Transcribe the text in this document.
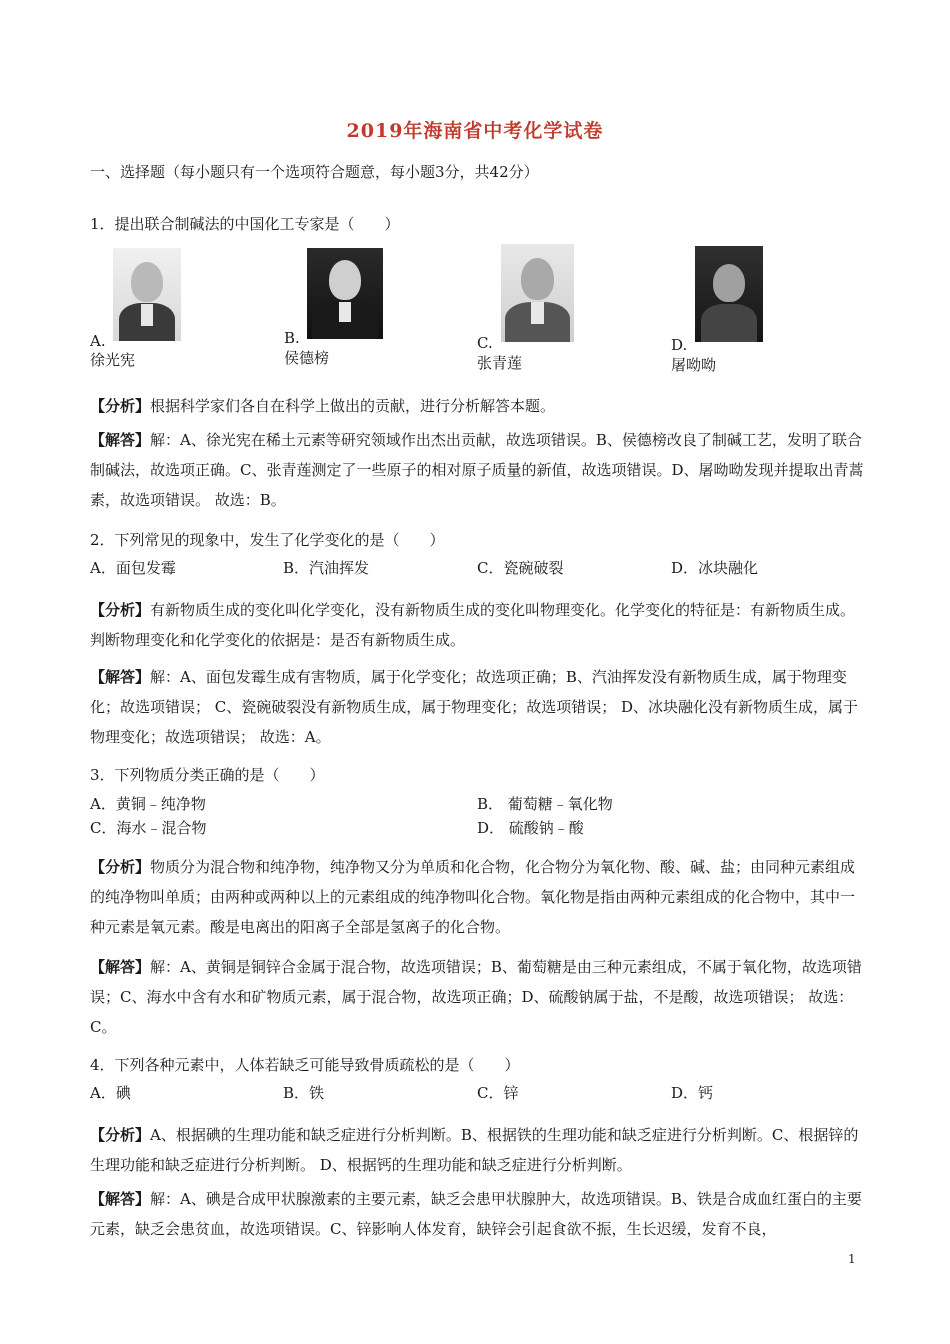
2019年海南省中考化学试卷
一、选择题（每小题只有一个选项符合题意，每小题3分，共42分）
1．提出联合制碱法的中国化工专家是（　　）
A.
徐光宪
B.
侯德榜
C.
张青莲
D.
屠呦呦
【分析】根据科学家们各自在科学上做出的贡献，进行分析解答本题。
【解答】解：A、徐光宪在稀土元素等研究领域作出杰出贡献，故选项错误。B、侯德榜改良了制碱工艺，发明了联合制碱法，故选项正确。C、张青莲测定了一些原子的相对原子质量的新值，故选项错误。D、屠呦呦发现并提取出青蒿素，故选项错误。 故选：B。
2．下列常见的现象中，发生了化学变化的是（　　）
A．面包发霉	B．汽油挥发	C．瓷碗破裂	D．冰块融化
【分析】有新物质生成的变化叫化学变化，没有新物质生成的变化叫物理变化。化学变化的特征是：有新物质生成。判断物理变化和化学变化的依据是：是否有新物质生成。
【解答】解：A、面包发霉生成有害物质，属于化学变化；故选项正确；B、汽油挥发没有新物质生成，属于物理变化；故选项错误； C、瓷碗破裂没有新物质生成，属于物理变化；故选项错误； D、冰块融化没有新物质生成，属于物理变化；故选项错误； 故选：A。
3．下列物质分类正确的是（　　）
A．黄铜﹣纯净物	B． 葡萄糖﹣氧化物
C．海水﹣混合物	D． 硫酸钠﹣酸
【分析】物质分为混合物和纯净物，纯净物又分为单质和化合物，化合物分为氧化物、酸、碱、盐；由同种元素组成的纯净物叫单质；由两种或两种以上的元素组成的纯净物叫化合物。氧化物是指由两种元素组成的化合物中，其中一种元素是氧元素。酸是电离出的阳离子全部是氢离子的化合物。
【解答】解：A、黄铜是铜锌合金属于混合物，故选项错误；B、葡萄糖是由三种元素组成，不属于氧化物，故选项错误；C、海水中含有水和矿物质元素，属于混合物，故选项正确；D、硫酸钠属于盐，不是酸，故选项错误； 故选：C。
4．下列各种元素中，人体若缺乏可能导致骨质疏松的是（　　）
A．碘	B．铁	C．锌	D．钙
【分析】A、根据碘的生理功能和缺乏症进行分析判断。B、根据铁的生理功能和缺乏症进行分析判断。C、根据锌的生理功能和缺乏症进行分析判断。 D、根据钙的生理功能和缺乏症进行分析判断。
【解答】解：A、碘是合成甲状腺激素的主要元素，缺乏会患甲状腺肿大，故选项错误。B、铁是合成血红蛋白的主要元素，缺乏会患贫血，故选项错误。C、锌影响人体发育，缺锌会引起食欲不振，生长迟缓，发育不良，
1
